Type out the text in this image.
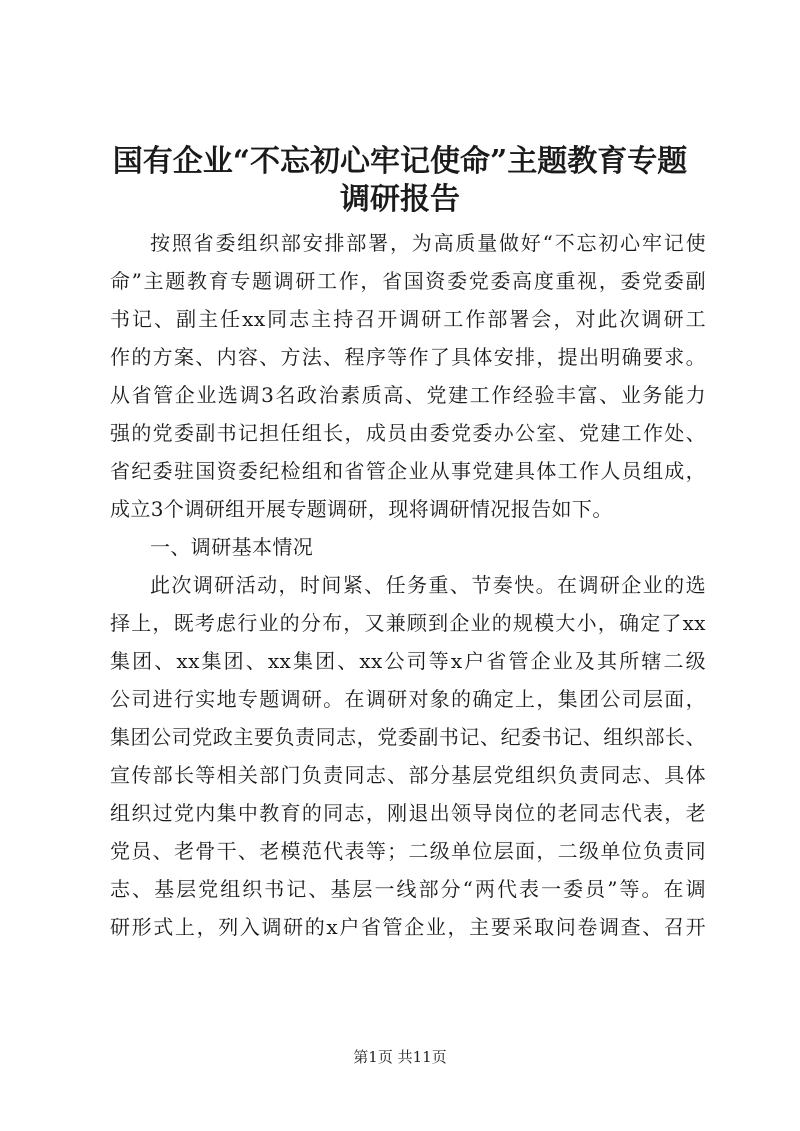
国有企业“不忘初心牢记使命”主题教育专题
调研报告
按照省委组织部安排部署，为高质量做好“不忘初心牢记使
命”主题教育专题调研工作，省国资委党委高度重视，委党委副
书记、副主任xx同志主持召开调研工作部署会，对此次调研工
作的方案、内容、方法、程序等作了具体安排，提出明确要求。
从省管企业选调3名政治素质高、党建工作经验丰富、业务能力
强的党委副书记担任组长，成员由委党委办公室、党建工作处、
省纪委驻国资委纪检组和省管企业从事党建具体工作人员组成，
成立3个调研组开展专题调研，现将调研情况报告如下。
一、调研基本情况
此次调研活动，时间紧、任务重、节奏快。在调研企业的选
择上，既考虑行业的分布，又兼顾到企业的规模大小，确定了xx
集团、xx集团、xx集团、xx公司等x户省管企业及其所辖二级
公司进行实地专题调研。在调研对象的确定上，集团公司层面，
集团公司党政主要负责同志，党委副书记、纪委书记、组织部长、
宣传部长等相关部门负责同志、部分基层党组织负责同志、具体
组织过党内集中教育的同志，刚退出领导岗位的老同志代表，老
党员、老骨干、老模范代表等；二级单位层面，二级单位负责同
志、基层党组织书记、基层一线部分“两代表一委员”等。在调
研形式上，列入调研的x户省管企业，主要采取问卷调查、召开
第1页 共11页
